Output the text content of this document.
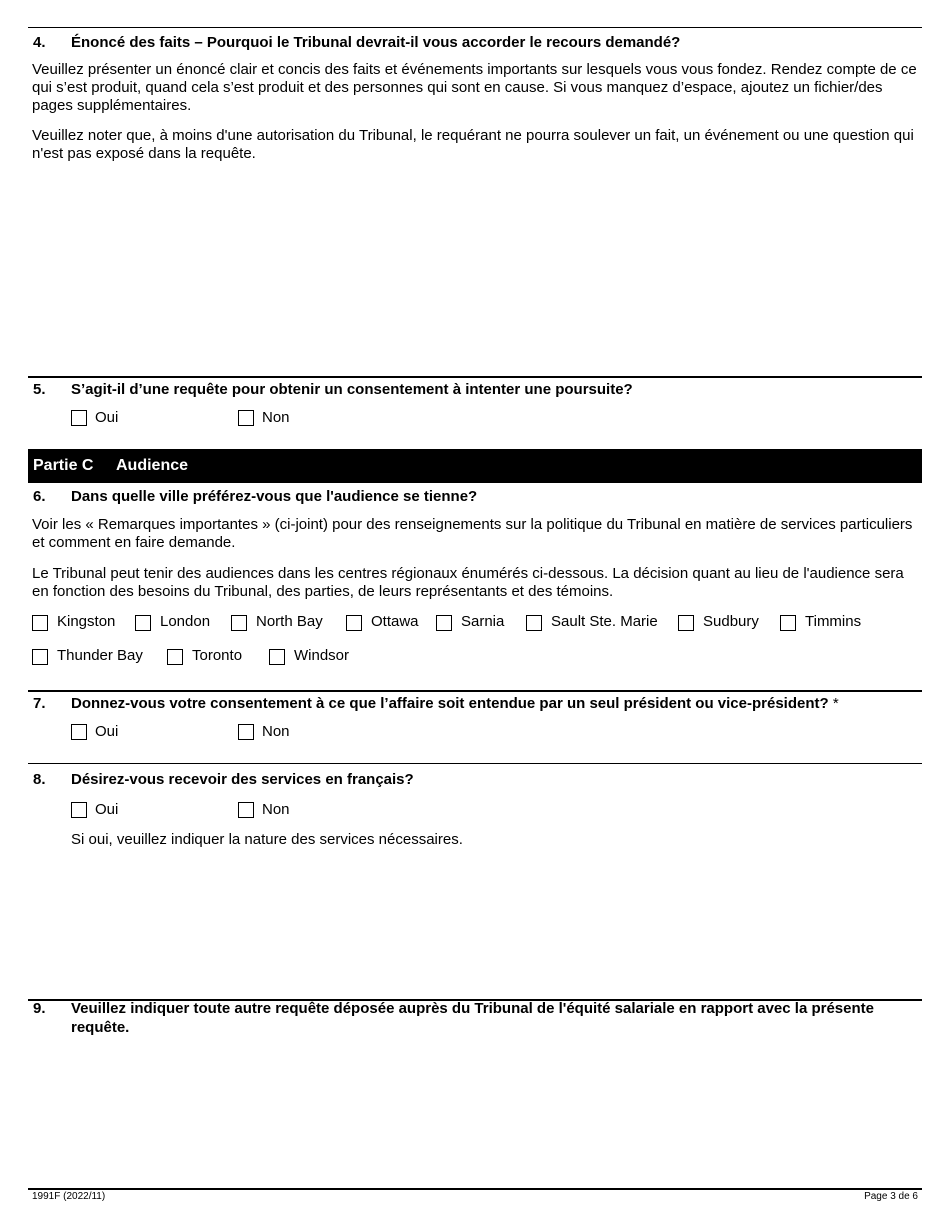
4. Énoncé des faits – Pourquoi le Tribunal devrait-il vous accorder le recours demandé?
Veuillez présenter un énoncé clair et concis des faits et événements importants sur lesquels vous vous fondez. Rendez compte de ce qui s’est produit, quand cela s’est produit et des personnes qui sont en cause. Si vous manquez d’espace, ajoutez un fichier/des pages supplémentaires.
Veuillez noter que, à moins d'une autorisation du Tribunal, le requérant ne pourra soulever un fait, un événement ou une question qui n'est pas exposé dans la requête.
5. S’agit-il d’une requête pour obtenir un consentement à intenter une poursuite?
Oui	Non
Partie C Audience
6. Dans quelle ville préférez-vous que l'audience se tienne?
Voir les « Remarques importantes » (ci-joint) pour des renseignements sur la politique du Tribunal en matière de services particuliers et comment en faire demande.
Le Tribunal peut tenir des audiences dans les centres régionaux énumérés ci-dessous. La décision quant au lieu de l'audience sera en fonction des besoins du Tribunal, des parties, de leurs représentants et des témoins.
Kingston	London	North Bay	Ottawa	Sarnia	Sault Ste. Marie	Sudbury	Timmins
Thunder Bay	Toronto	Windsor
7. Donnez-vous votre consentement à ce que l’affaire soit entendue par un seul président ou vice-président? *
Oui	Non
8. Désirez-vous recevoir des services en français?
Oui	Non
Si oui, veuillez indiquer la nature des services nécessaires.
9. Veuillez indiquer toute autre requête déposée auprès du Tribunal de l'équité salariale en rapport avec la présente requête.
1991F (2022/11)	Page 3 de 6
